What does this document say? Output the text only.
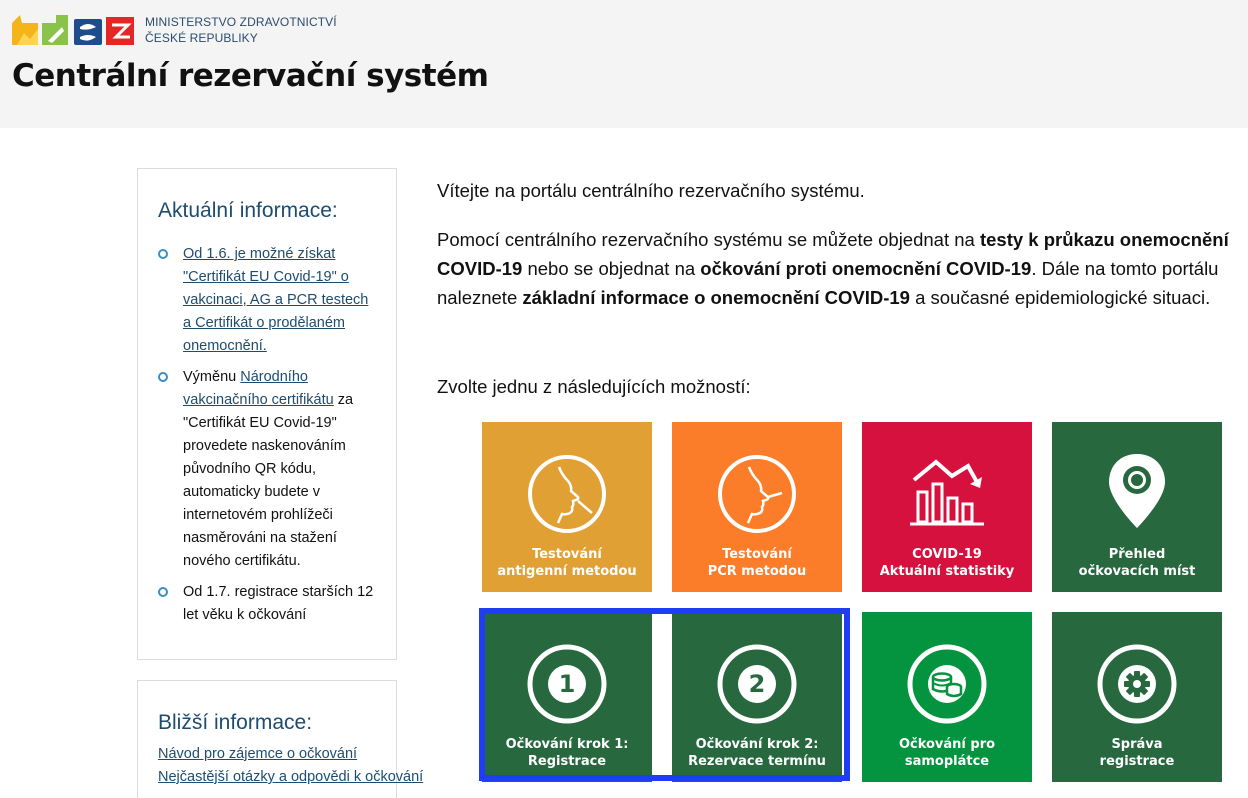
MINISTERSTVO ZDRAVOTNICTVÍ
ČESKÉ REPUBLIKY
Centrální rezervační systém
Aktuální informace:
Od 1.6. je možné získat "Certifikát EU Covid-19" o vakcinaci, AG a PCR testech a Certifikát o prodělaném onemocnění.
Výměnu Národního vakcinačního certifikátu za "Certifikát EU Covid-19" provedete naskenováním původního QR kódu, automaticky budete v internetovém prohlížeči nasměrováni na stažení nového certifikátu.
Od 1.7. registrace starších 12 let věku k očkování
Bližší informace:
Návod pro zájemce o očkování
Nejčastější otázky a odpovědi k očkování
Vítejte na portálu centrálního rezervačního systému.
Pomocí centrálního rezervačního systému se můžete objednat na testy k průkazu onemocnění COVID-19 nebo se objednat na očkování proti onemocnění COVID-19. Dále na tomto portálu naleznete základní informace o onemocnění COVID-19 a současné epidemiologické situaci.
Zvolte jednu z následujících možností:
Testování
antigenní metodou
Testování
PCR metodou
COVID-19
Aktuální statistiky
Přehled
očkovacích míst
1
Očkování krok 1:
Registrace
2
Očkování krok 2:
Rezervace termínu
Očkování pro
samoplátce
Správa
registrace
